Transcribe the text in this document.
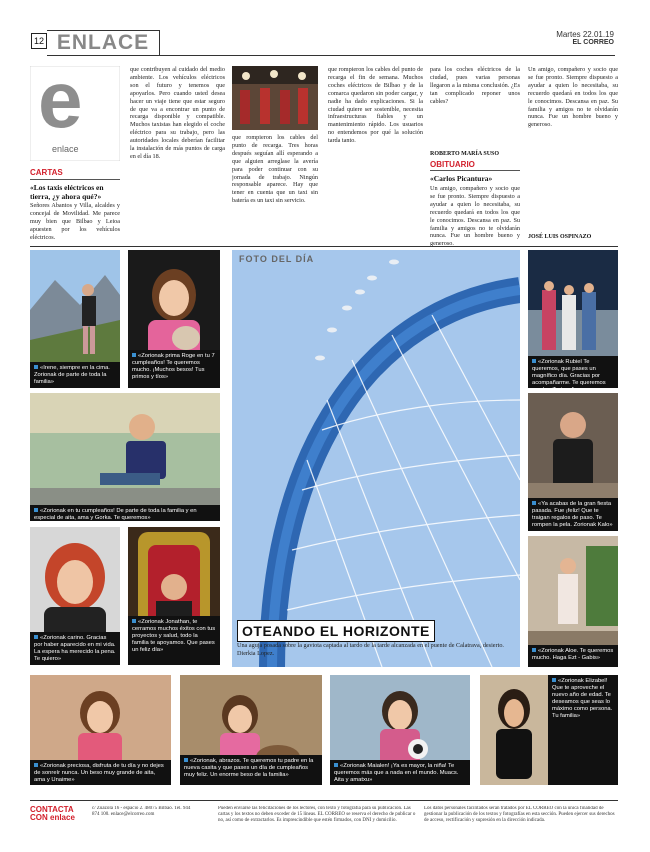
12 ENLACE	Martes 22.01.19
EL CORREO
e
enlace
CARTAS
«Los taxis eléctricos en tierra, ¿y ahora qué?»
Señores Abantos y Villa, alcaldes y concejal de Movilidad. Me parece muy bien que Bilbao y Leioa apuesten por los vehículos eléctricos.
que contribuyen al cuidado del medio ambiente. Los vehículos eléctricos son el futuro y tenemos que apoyarlos. Pero cuando usted desea hacer un viaje tiene que estar seguro de que va a encontrar un punto de recarga disponible y compatible. Muchos taxistas han elegido el coche eléctrico para su trabajo, pero las autoridades locales deberían facilitar la instalación de más puntos de carga en el día 18.
que rompieron los cables del punto de recarga. Tres horas después seguían allí esperando a que alguien arreglase la avería para poder continuar con su jornada de trabajo. Ningún responsable aparece. Hay que tener en cuenta que un taxi sin batería es un taxi sin servicio.
que rompieron los cables del punto de recarga el fin de semana. Muchos coches eléctricos de Bilbao y de la comarca quedaron sin poder cargar, y nadie ha dado explicaciones. Si la ciudad quiere ser sostenible, necesita infraestructuras fiables y un mantenimiento rápido. Los usuarios no entendemos por qué la solución tarda tanto.
para los coches eléctricos de la ciudad, pues varias personas llegaron a la misma conclusión. ¿Es tan complicado reponer unos cables?
ROBERTO MARÍA SUSO
OBITUARIO
«Carlos Picantura»
Un amigo, compañero y socio que se fue pronto. Siempre dispuesto a ayudar a quien lo necesitaba, su recuerdo quedará en todos los que le conocimos. Descansa en paz. Su familia y amigos no te olvidarán nunca. Fue un hombre bueno y generoso.
Un amigo, compañero y socio que se fue pronto. Siempre dispuesto a ayudar a quien lo necesitaba, su recuerdo quedará en todos los que le conocimos. Descansa en paz. Su familia y amigos no te olvidarán nunca. Fue un hombre bueno y generoso.
JOSÉ LUIS OSPINAZO
«Irene, siempre en la cima. Zorionak de parte de toda la familia»
«Zorionak prima Roge en tu 7 cumpleaños! Te queremos mucho. ¡Muchos besos! Tus primos y tíos»
«Zorionak en tu cumpleaños! De parte de toda la familia y en especial de aita, ama y Gorka. Te queremos»
«Zorionak carino. Gracias por haber aparecido en mi vida. La espera ha merecido la pena. Te quiero»
«Zorionak Jonathan, te cerramos muchos éxitos con tus proyectos y salud, todo la familia te apoyamos. Que pases un feliz día»
FOTO DEL DÍA
OTEANDO EL HORIZONTE
Una aguja posada sobre la gaviota captada al tardo de la tarde alcanzada en el puente de Calatrava, desierto. Dierkia Lopez.
«Zorionak Rubiel Te queremos, que pases un magnífico día. Gracias por acompañarme. Te queremos mucho. Tortz y Anes»
«Ya acabas de la gran fiesta pasada. Fue ¡feliz! Que te traigan regalos de paso. Te rompen la pela. Zorionak Kalo»
«Zorionak Aloe. Te queremos mucho. Haga Ezt - Gabis»
«Zorionak preciosa, disfruta de tu día y no dejes de sonreír nunca. Un beso muy grande de aita, ama y Unaime»
«Zorionak, abrazos. Te queremos tu padre en la nueva casita y que pases un día de cumpleaños muy feliz. Un enorme beso de la familia»
«Zorionak Maialen! ¡Ya es mayor, la niña! Te queremos más que a nada en el mundo. Muacs. Aita y amatxu»
«Zorionak Elizabel! Que te aproveche el nuevo año de edad. Te deseamos que seas lo máximo como persona. Tu familia»
CONTACTA
CON enlace
c/ Zuazola 16 - espacio 2. 48075 Bilbao. Tel. 944 874 100. enlace@elcorreo.com
Pueden enviarse las felicitaciones de los lectores, con texto y fotografía para su publicación. Las cartas y los textos no deben exceder de 15 líneas. EL CORREO se reserva el derecho de publicar o no, así como de extractarlos. Es imprescindible que estén firmados, con DNI y domicilio.
Los datos personales facilitados serán tratados por EL CORREO con la única finalidad de gestionar la publicación de los textos y fotografías en esta sección. Pueden ejercer sus derechos de acceso, rectificación y supresión en la dirección indicada.
